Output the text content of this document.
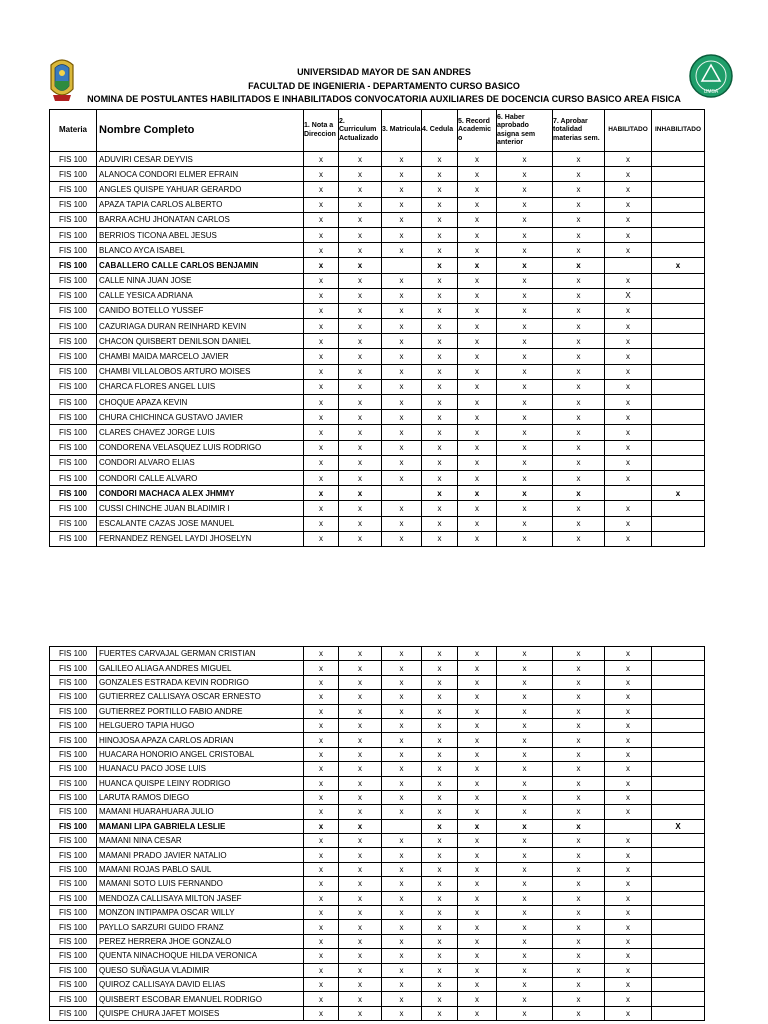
UMSA
UNIVERSIDAD MAYOR DE SAN ANDRES
FACULTAD DE INGENIERIA - DEPARTAMENTO CURSO BASICO
NOMINA DE POSTULANTES HABILITADOS E INHABILITADOS CONVOCATORIA AUXILIARES DE DOCENCIA CURSO BASICO AREA FISICA
Materia	Nombre Completo	1. Nota a Direccion	2. Curriculum Actualizado	3. Matricula	4. Cedula	5. Record Academic o	6. Haber aprobado asigna sem anterior	7. Aprobar totalidad materias sem.	HABILITADO	INHABILITADO
FIS 100	ADUVIRI CESAR DEYVIS	x	x	x	x	x	x	x	x	
FIS 100	ALANOCA CONDORI ELMER EFRAIN	x	x	x	x	x	x	x	x	
FIS 100	ANGLES QUISPE YAHUAR GERARDO	x	x	x	x	x	x	x	x	
FIS 100	APAZA TAPIA CARLOS ALBERTO	x	x	x	x	x	x	x	x	
FIS 100	BARRA ACHU JHONATAN CARLOS	x	x	x	x	x	x	x	x	
FIS 100	BERRIOS TICONA ABEL JESUS	x	x	x	x	x	x	x	x	
FIS 100	BLANCO AYCA ISABEL	x	x	x	x	x	x	x	x	
FIS 100	CABALLERO CALLE CARLOS BENJAMIN	x	x		x	x	x	x		x
FIS 100	CALLE NINA JUAN JOSE	x	x	x	x	x	x	x	x	
FIS 100	CALLE YESICA ADRIANA	x	x	x	x	x	x	x	X	
FIS 100	CANIDO BOTELLO YUSSEF	x	x	x	x	x	x	x	x	
FIS 100	CAZURIAGA DURAN REINHARD KEVIN	x	x	x	x	x	x	x	x	
FIS 100	CHACON QUISBERT DENILSON DANIEL	x	x	x	x	x	x	x	x	
FIS 100	CHAMBI MAIDA MARCELO JAVIER	x	x	x	x	x	x	x	x	
FIS 100	CHAMBI VILLALOBOS ARTURO MOISES	x	x	x	x	x	x	x	x	
FIS 100	CHARCA FLORES ANGEL LUIS	x	x	x	x	x	x	x	x	
FIS 100	CHOQUE APAZA KEVIN	x	x	x	x	x	x	x	x	
FIS 100	CHURA CHICHINCA GUSTAVO JAVIER	x	x	x	x	x	x	x	x	
FIS 100	CLARES CHAVEZ JORGE LUIS	x	x	x	x	x	x	x	x	
FIS 100	CONDORENA VELASQUEZ LUIS RODRIGO	x	x	x	x	x	x	x	x	
FIS 100	CONDORI ALVARO ELIAS	x	x	x	x	x	x	x	x	
FIS 100	CONDORI CALLE ALVARO	x	x	x	x	x	x	x	x	
FIS 100	CONDORI MACHACA ALEX JHMMY	x	x		x	x	x	x		x
FIS 100	CUSSI CHINCHE JUAN BLADIMIR I	x	x	x	x	x	x	x	x	
FIS 100	ESCALANTE CAZAS JOSE MANUEL	x	x	x	x	x	x	x	x	
FIS 100	FERNANDEZ RENGEL LAYDI JHOSELYN	x	x	x	x	x	x	x	x	
FIS 100	FUERTES CARVAJAL GERMAN CRISTIAN	x	x	x	x	x	x	x	x	
FIS 100	GALILEO ALIAGA ANDRES MIGUEL	x	x	x	x	x	x	x	x	
FIS 100	GONZALES ESTRADA KEVIN RODRIGO	x	x	x	x	x	x	x	x	
FIS 100	GUTIERREZ CALLISAYA OSCAR ERNESTO	x	x	x	x	x	x	x	x	
FIS 100	GUTIERREZ PORTILLO FABIO ANDRE	x	x	x	x	x	x	x	x	
FIS 100	HELGUERO TAPIA HUGO	x	x	x	x	x	x	x	x	
FIS 100	HINOJOSA APAZA CARLOS ADRIAN	x	x	x	x	x	x	x	x	
FIS 100	HUACARA HONORIO ANGEL CRISTOBAL	x	x	x	x	x	x	x	x	
FIS 100	HUANACU PACO JOSE LUIS	x	x	x	x	x	x	x	x	
FIS 100	HUANCA QUISPE LEINY RODRIGO	x	x	x	x	x	x	x	x	
FIS 100	LARUTA RAMOS DIEGO	x	x	x	x	x	x	x	x	
FIS 100	MAMANI HUARAHUARA JULIO	x	x	x	x	x	x	x	x	
FIS 100	MAMANI LIPA GABRIELA LESLIE	x	x		x	x	x	x		X
FIS 100	MAMANI NINA CESAR	x	x	x	x	x	x	x	x	
FIS 100	MAMANI PRADO JAVIER NATALIO	x	x	x	x	x	x	x	x	
FIS 100	MAMANI ROJAS PABLO SAUL	x	x	x	x	x	x	x	x	
FIS 100	MAMANI SOTO LUIS FERNANDO	x	x	x	x	x	x	x	x	
FIS 100	MENDOZA CALLISAYA MILTON JASEF	x	x	x	x	x	x	x	x	
FIS 100	MONZON INTIPAMPA OSCAR WILLY	x	x	x	x	x	x	x	x	
FIS 100	PAYLLO SARZURI GUIDO FRANZ	x	x	x	x	x	x	x	x	
FIS 100	PEREZ HERRERA JHOE GONZALO	x	x	x	x	x	x	x	x	
FIS 100	QUENTA NINACHOQUE HILDA VERONICA	x	x	x	x	x	x	x	x	
FIS 100	QUESO SUÑAGUA VLADIMIR	x	x	x	x	x	x	x	x	
FIS 100	QUIROZ CALLISAYA DAVID ELIAS	x	x	x	x	x	x	x	x	
FIS 100	QUISBERT ESCOBAR EMANUEL RODRIGO	x	x	x	x	x	x	x	x	
FIS 100	QUISPE CHURA JAFET MOISES	x	x	x	x	x	x	x	x	
